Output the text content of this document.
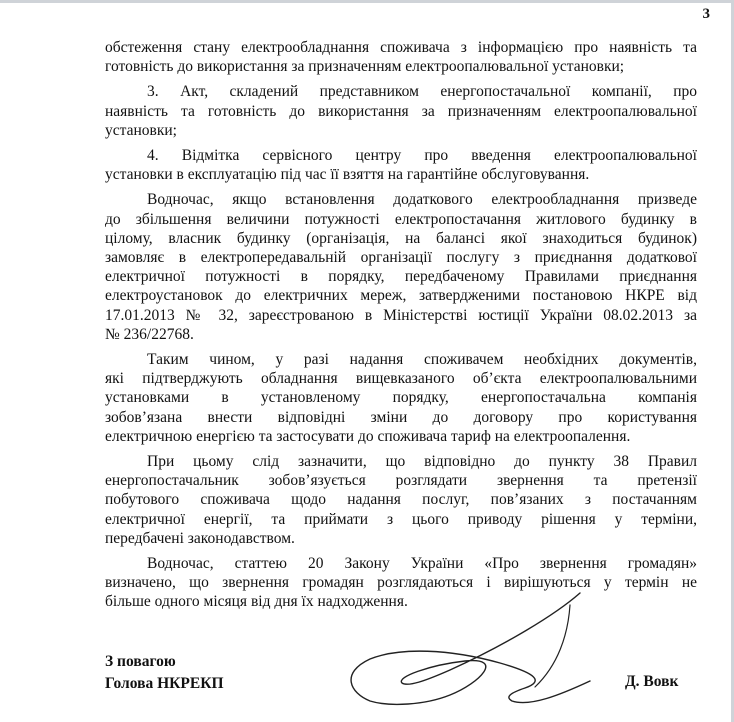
3

обстеження стану електрообладнання споживача з інформацією про наявність та
готовність до використання за призначенням електроопалювальної установки;

3. Акт, складений представником енергопостачальної компанії, про
наявність та готовність до використання за призначенням електроопалювальної
установки;

4. Відмітка сервісного центру про введення електроопалювальної
установки в експлуатацію під час її взяття на гарантійне обслуговування.

Водночас, якщо встановлення додаткового електрообладнання призведе
до збільшення величини потужності електропостачання житлового будинку в
цілому, власник будинку (організація, на балансі якої знаходиться будинок)
замовляє в електропередавальній організації послугу з приєднання додаткової
електричної потужності в порядку, передбаченому Правилами приєднання
електроустановок до електричних мереж, затвердженими постановою НКРЕ від
17.01.2013 № 32, зареєстрованою в Міністерстві юстиції України 08.02.2013 за
№ 236/22768.

Таким чином, у разі надання споживачем необхідних документів,
які підтверджують обладнання вищевказаного об’єкта електроопалювальними
установками в установленому порядку, енергопостачальна компанія
зобов’язана внести відповідні зміни до договору про користування
електричною енергією та застосувати до споживача тариф на електроопалення.

При цьому слід зазначити, що відповідно до пункту 38 Правил
енергопостачальник зобов’язується розглядати звернення та претензії
побутового споживача щодо надання послуг, пов’язаних з постачанням
електричної енергії, та приймати з цього приводу рішення у терміни,
передбачені законодавством.

Водночас, статтею 20 Закону України «Про звернення громадян»
визначено, що звернення громадян розглядаються і вирішуються у термін не
більше одного місяця від дня їх надходження.

З повагою
Голова НКРЕКП	Д. Вовк
